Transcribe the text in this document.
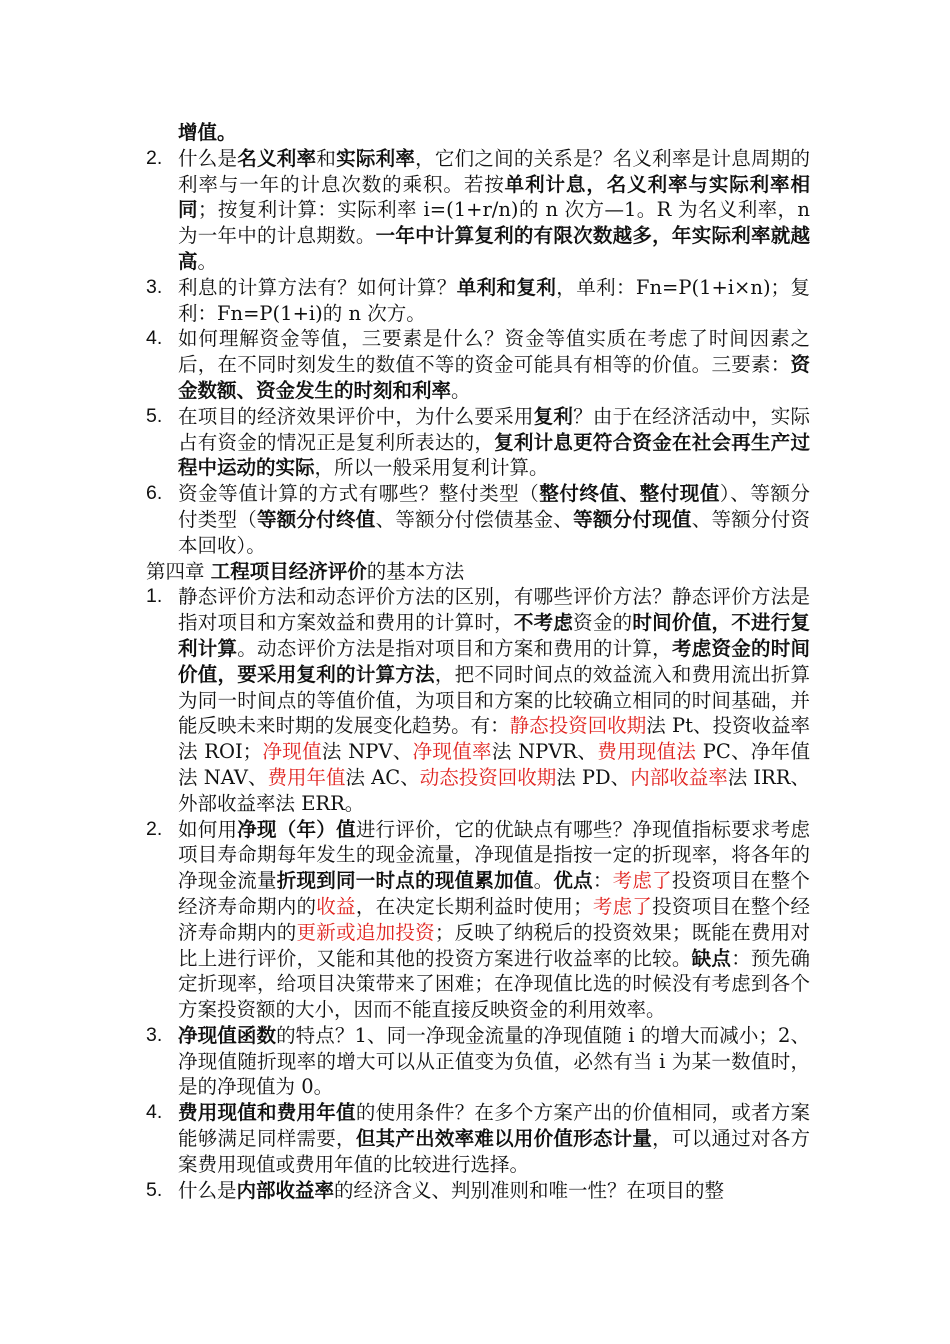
增值。

2. 什么是名义利率和实际利率，它们之间的关系是？名义利率是计息周期的利率与一年的计息次数的乘积。若按单利计息，名义利率与实际利率相同；按复利计算：实际利率 i=(1+r/n)的 n 次方—1。R 为名义利率，n 为一年中的计息期数。一年中计算复利的有限次数越多，年实际利率就越高。

3. 利息的计算方法有？如何计算？单利和复利，单利：Fn=P(1+i×n)；复利：Fn=P(1+i)的 n 次方。

4. 如何理解资金等值，三要素是什么？资金等值实质在考虑了时间因素之后，在不同时刻发生的数值不等的资金可能具有相等的价值。三要素：资金数额、资金发生的时刻和利率。

5. 在项目的经济效果评价中，为什么要采用复利？由于在经济活动中，实际占有资金的情况正是复利所表达的，复利计息更符合资金在社会再生产过程中运动的实际，所以一般采用复利计算。

6. 资金等值计算的方式有哪些？整付类型（整付终值、整付现值）、等额分付类型（等额分付终值、等额分付偿债基金、等额分付现值、等额分付资本回收）。

第四章 工程项目经济评价的基本方法

1. 静态评价方法和动态评价方法的区别，有哪些评价方法？静态评价方法是指对项目和方案效益和费用的计算时，不考虑资金的时间价值，不进行复利计算。动态评价方法是指对项目和方案和费用的计算，考虑资金的时间价值，要采用复利的计算方法，把不同时间点的效益流入和费用流出折算为同一时间点的等值价值，为项目和方案的比较确立相同的时间基础，并能反映未来时期的发展变化趋势。有：静态投资回收期法 Pt、投资收益率法 ROI；净现值法 NPV、净现值率法 NPVR、费用现值法 PC、净年值法 NAV、费用年值法 AC、动态投资回收期法 PD、内部收益率法 IRR、外部收益率法 ERR。

2. 如何用净现（年）值进行评价，它的优缺点有哪些？净现值指标要求考虑项目寿命期每年发生的现金流量，净现值是指按一定的折现率，将各年的净现金流量折现到同一时点的现值累加值。优点：考虑了投资项目在整个经济寿命期内的收益，在决定长期利益时使用；考虑了投资项目在整个经济寿命期内的更新或追加投资；反映了纳税后的投资效果；既能在费用对比上进行评价，又能和其他的投资方案进行收益率的比较。缺点：预先确定折现率，给项目决策带来了困难；在净现值比选的时候没有考虑到各个方案投资额的大小，因而不能直接反映资金的利用效率。

3. 净现值函数的特点？1、同一净现金流量的净现值随 i 的增大而减小；2、净现值随折现率的增大可以从正值变为负值，必然有当 i 为某一数值时，是的净现值为 0。

4. 费用现值和费用年值的使用条件？在多个方案产出的价值相同，或者方案能够满足同样需要，但其产出效率难以用价值形态计量，可以通过对各方案费用现值或费用年值的比较进行选择。

5. 什么是内部收益率的经济含义、判别准则和唯一性？在项目的整
